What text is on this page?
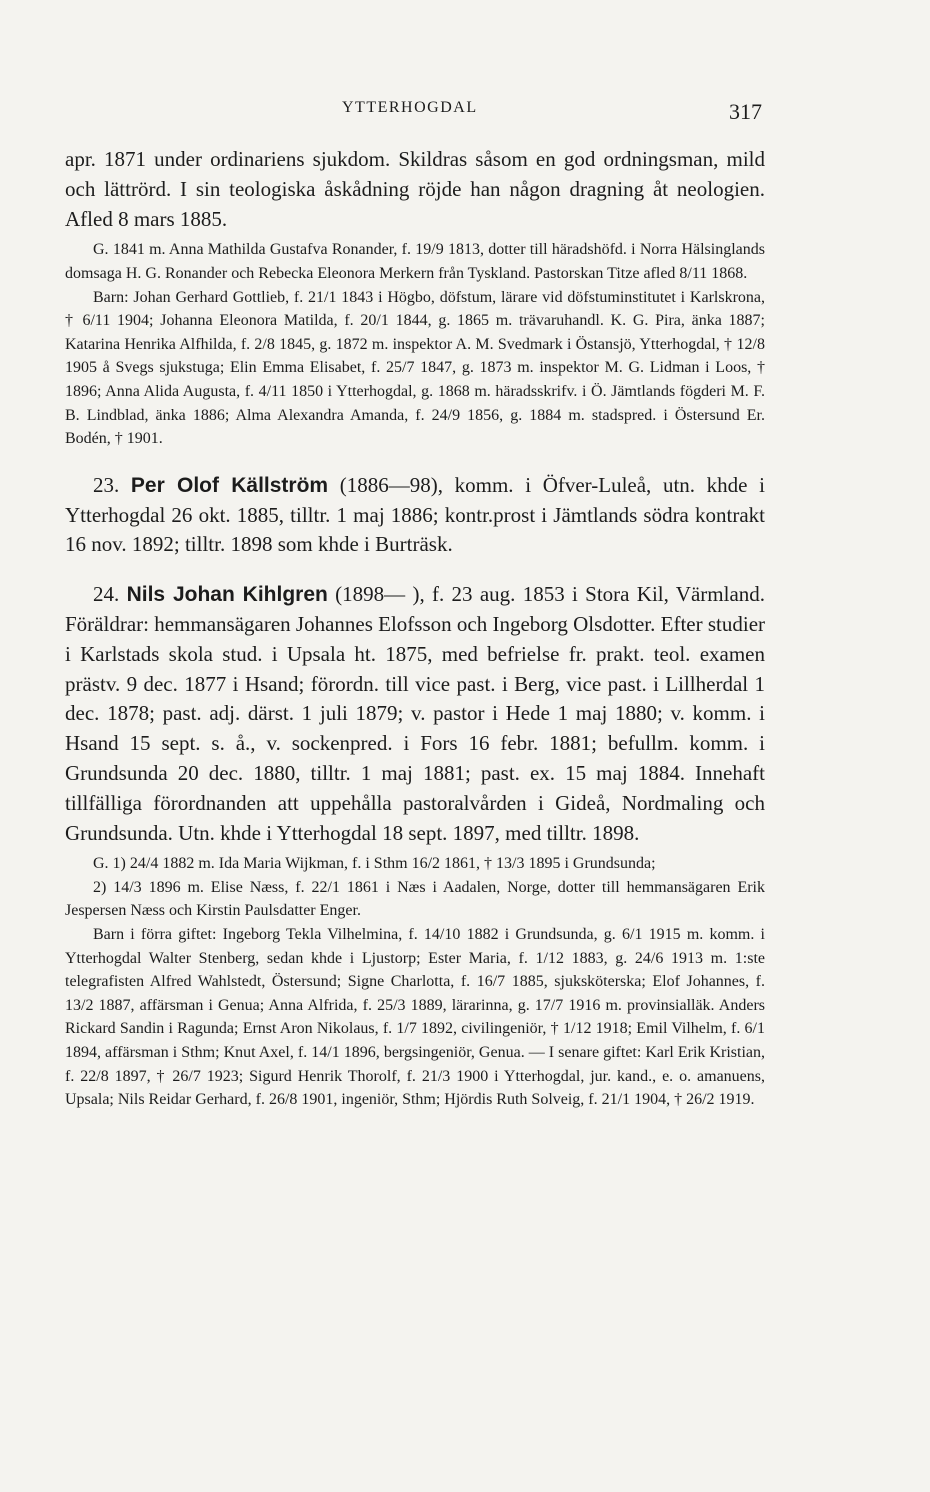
YTTERHOGDAL	317

apr. 1871 under ordinariens sjukdom. Skildras såsom en god ordningsman, mild och lättrörd. I sin teologiska åskådning röjde han någon dragning åt neologien. Afled 8 mars 1885.

G. 1841 m. Anna Mathilda Gustafva Ronander, f. 19/9 1813, dotter till häradshöfd. i Norra Hälsinglands domsaga H. G. Ronander och Rebecka Eleonora Merkern från Tyskland. Pastorskan Titze afled 8/11 1868.

Barn: Johan Gerhard Gottlieb, f. 21/1 1843 i Högbo, döfstum, lärare vid döfstuminstitutet i Karlskrona, † 6/11 1904; Johanna Eleonora Matilda, f. 20/1 1844, g. 1865 m. trävaruhandl. K. G. Pira, änka 1887; Katarina Henrika Alfhilda, f. 2/8 1845, g. 1872 m. inspektor A. M. Svedmark i Östansjö, Ytterhogdal, † 12/8 1905 å Svegs sjukstuga; Elin Emma Elisabet, f. 25/7 1847, g. 1873 m. inspektor M. G. Lidman i Loos, † 1896; Anna Alida Augusta, f. 4/11 1850 i Ytterhogdal, g. 1868 m. häradsskrifv. i Ö. Jämtlands fögderi M. F. B. Lindblad, änka 1886; Alma Alexandra Amanda, f. 24/9 1856, g. 1884 m. stadspred. i Östersund Er. Bodén, † 1901.

23. Per Olof Källström (1886—98), komm. i Öfver-Luleå, utn. khde i Ytterhogdal 26 okt. 1885, tilltr. 1 maj 1886; kontr.prost i Jämtlands södra kontrakt 16 nov. 1892; tilltr. 1898 som khde i Burträsk.

24. Nils Johan Kihlgren (1898— ), f. 23 aug. 1853 i Stora Kil, Värmland. Föräldrar: hemmansägaren Johannes Elofsson och Ingeborg Olsdotter. Efter studier i Karlstads skola stud. i Upsala ht. 1875, med befrielse fr. prakt. teol. examen prästv. 9 dec. 1877 i Hsand; förordn. till vice past. i Berg, vice past. i Lillherdal 1 dec. 1878; past. adj. därst. 1 juli 1879; v. pastor i Hede 1 maj 1880; v. komm. i Hsand 15 sept. s. å., v. sockenpred. i Fors 16 febr. 1881; befullm. komm. i Grundsunda 20 dec. 1880, tilltr. 1 maj 1881; past. ex. 15 maj 1884. Innehaft tillfälliga förordnanden att uppehålla pastoralvården i Gideå, Nordmaling och Grundsunda. Utn. khde i Ytterhogdal 18 sept. 1897, med tilltr. 1898.

G. 1) 24/4 1882 m. Ida Maria Wijkman, f. i Sthm 16/2 1861, † 13/3 1895 i Grundsunda;

2) 14/3 1896 m. Elise Næss, f. 22/1 1861 i Næs i Aadalen, Norge, dotter till hemmansägaren Erik Jespersen Næss och Kirstin Paulsdatter Enger.

Barn i förra giftet: Ingeborg Tekla Vilhelmina, f. 14/10 1882 i Grundsunda, g. 6/1 1915 m. komm. i Ytterhogdal Walter Stenberg, sedan khde i Ljustorp; Ester Maria, f. 1/12 1883, g. 24/6 1913 m. 1:ste telegrafisten Alfred Wahlstedt, Östersund; Signe Charlotta, f. 16/7 1885, sjuksköterska; Elof Johannes, f. 13/2 1887, affärsman i Genua; Anna Alfrida, f. 25/3 1889, lärarinna, g. 17/7 1916 m. provinsialläk. Anders Rickard Sandin i Ragunda; Ernst Aron Nikolaus, f. 1/7 1892, civilingeniör, † 1/12 1918; Emil Vilhelm, f. 6/1 1894, affärsman i Sthm; Knut Axel, f. 14/1 1896, bergsingeniör, Genua. — I senare giftet: Karl Erik Kristian, f. 22/8 1897, † 26/7 1923; Sigurd Henrik Thorolf, f. 21/3 1900 i Ytterhogdal, jur. kand., e. o. amanuens, Upsala; Nils Reidar Gerhard, f. 26/8 1901, ingeniör, Sthm; Hjördis Ruth Solveig, f. 21/1 1904, † 26/2 1919.
